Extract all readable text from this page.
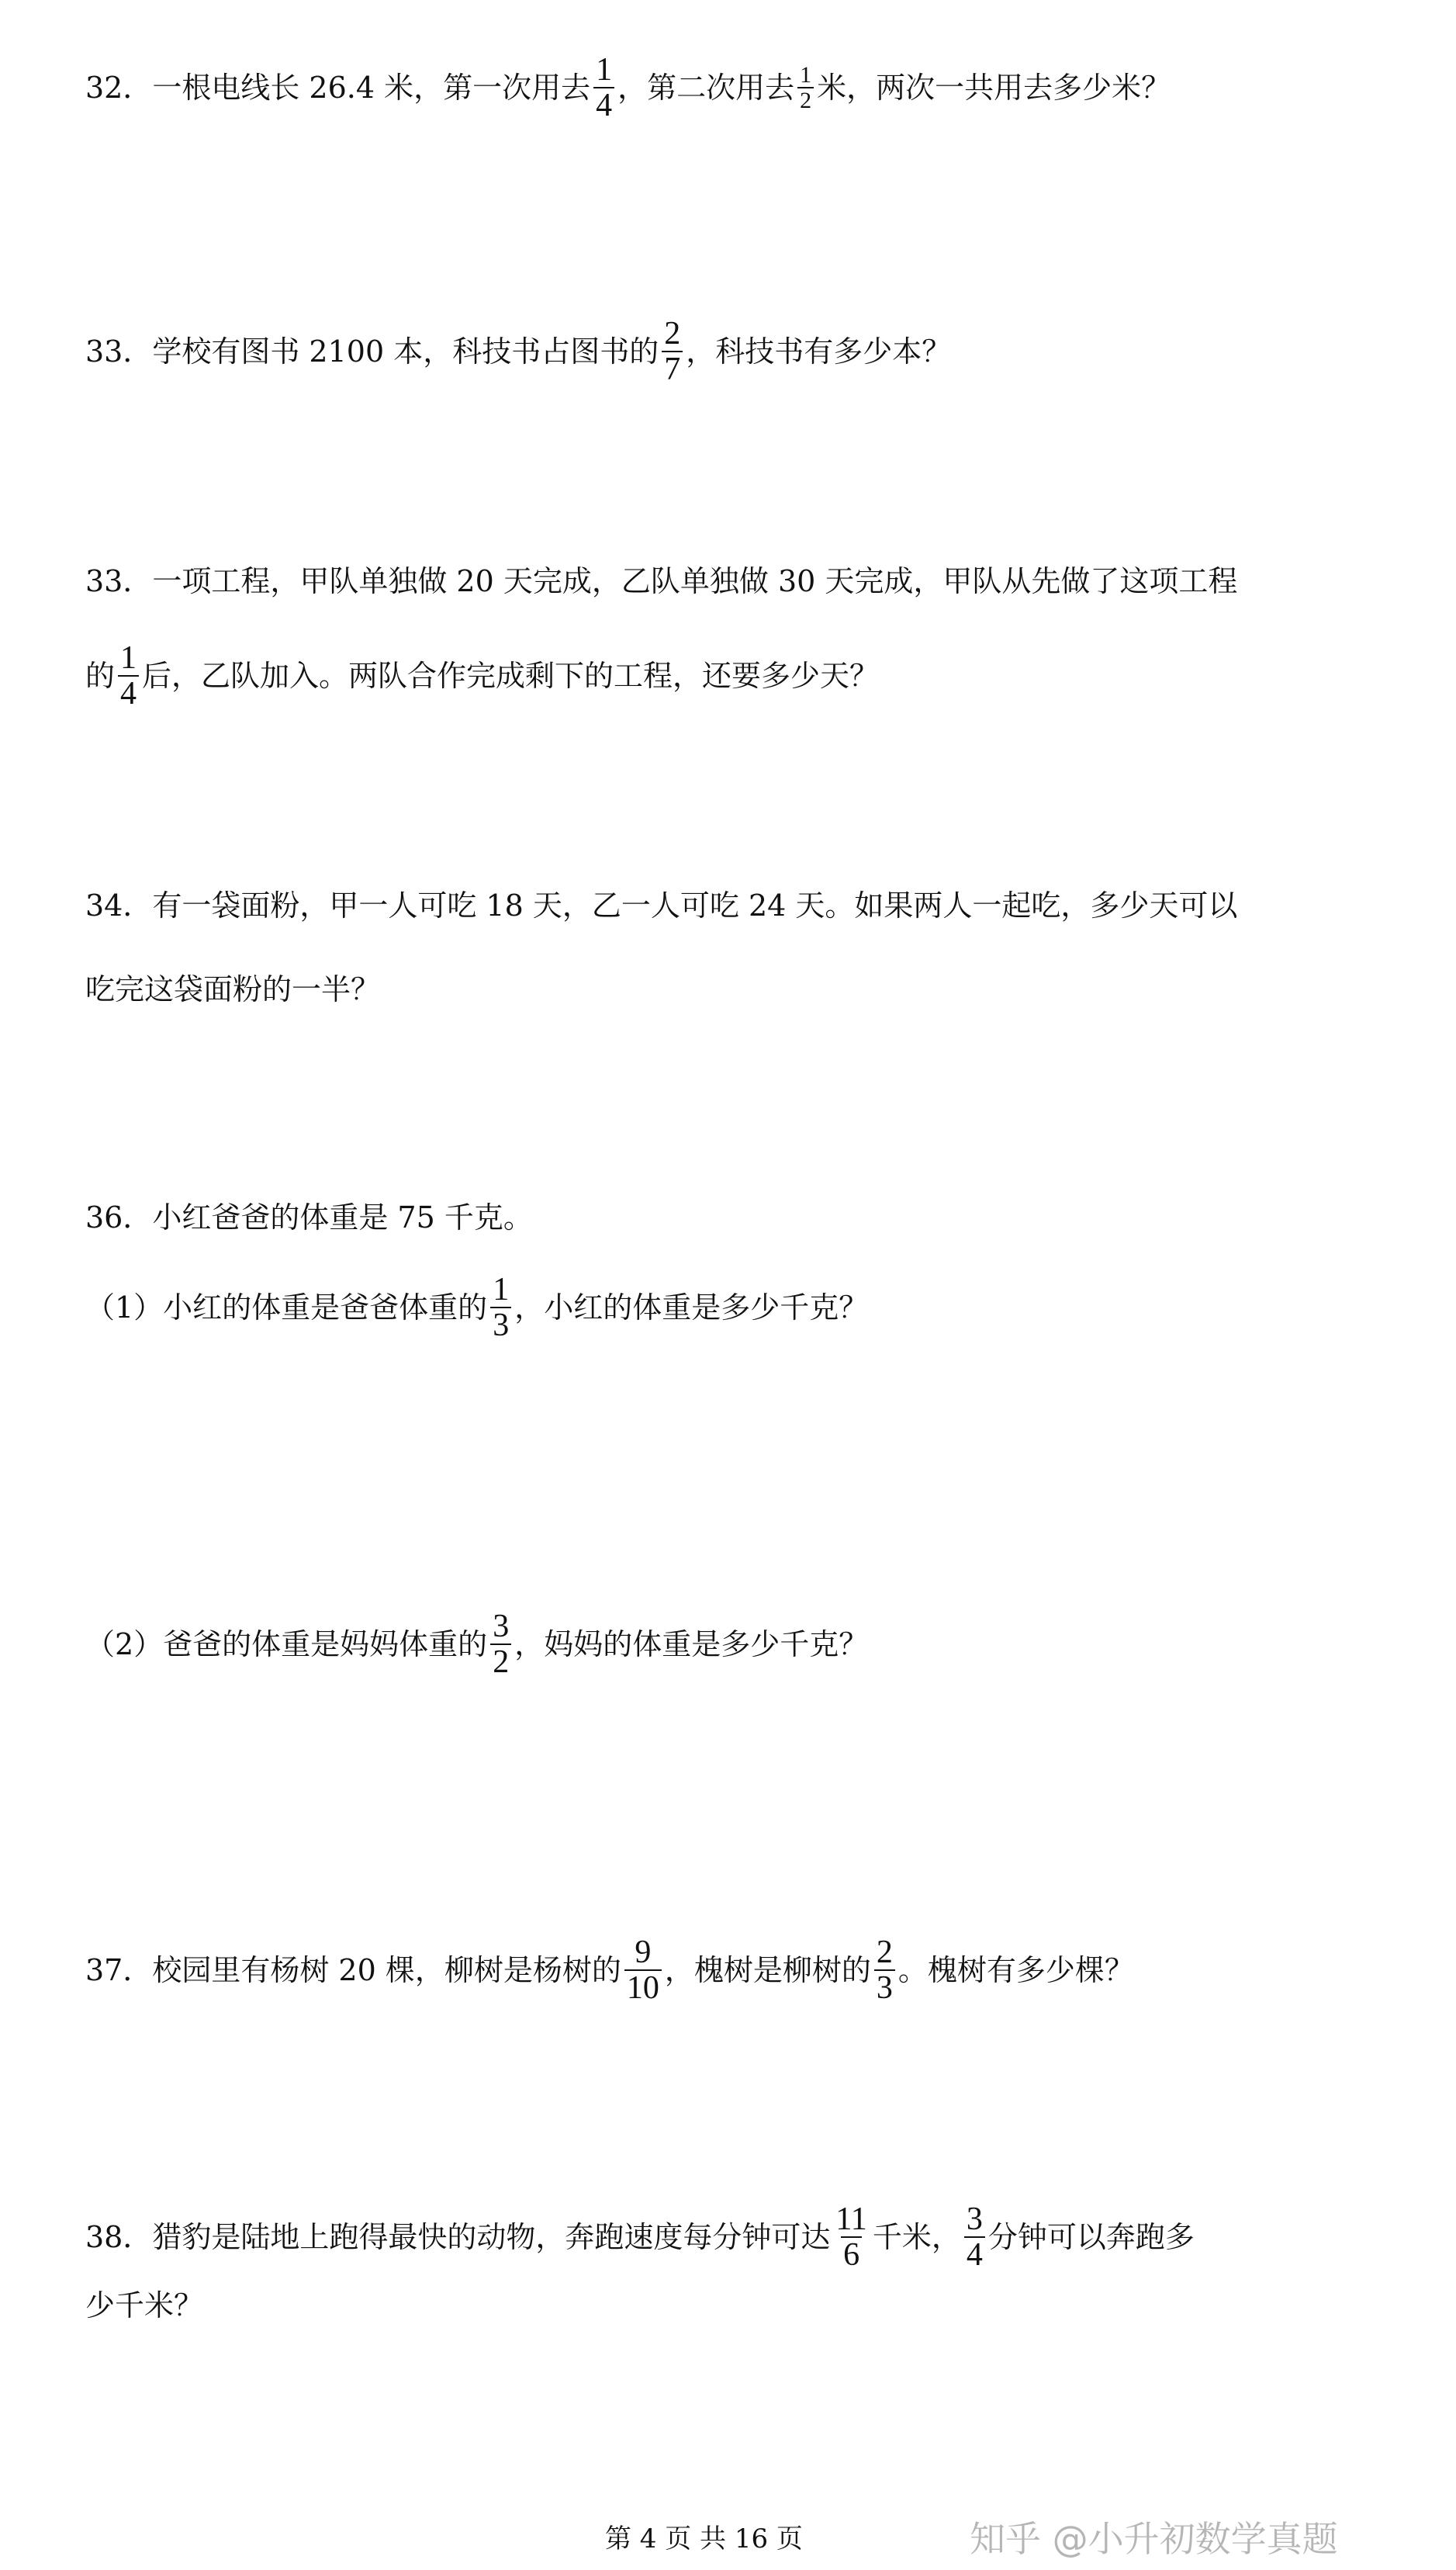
32．一根电线长 26.4 米，第一次用去 $\frac{1}{4}$ ，第二次用去 $\frac{1}{2}$ 米，两次一共用去多少米？
33．学校有图书 2100 本，科技书占图书的 $\frac{2}{7}$ ，科技书有多少本？
33．一项工程，甲队单独做 20 天完成，乙队单独做 30 天完成，甲队从先做了这项工程
的 $\frac{1}{4}$ 后，乙队加入。两队合作完成剩下的工程，还要多少天？
34．有一袋面粉，甲一人可吃 18 天，乙一人可吃 24 天。如果两人一起吃，多少天可以
吃完这袋面粉的一半？
36．小红爸爸的体重是 75 千克。
（1）小红的体重是爸爸体重的 $\frac{1}{3}$ ，小红的体重是多少千克？
（2）爸爸的体重是妈妈体重的 $\frac{3}{2}$ ，妈妈的体重是多少千克？
37．校园里有杨树 20 棵，柳树是杨树的 $\frac{9}{10}$ ，槐树是柳树的 $\frac{2}{3}$ 。槐树有多少棵？
38．猎豹是陆地上跑得最快的动物，奔跑速度每分钟可达 $\frac{11}{6}$ 千米， $\frac{3}{4}$ 分钟可以奔跑多
少千米？
第 4 页 共 16 页	知乎 @小升初数学真题
